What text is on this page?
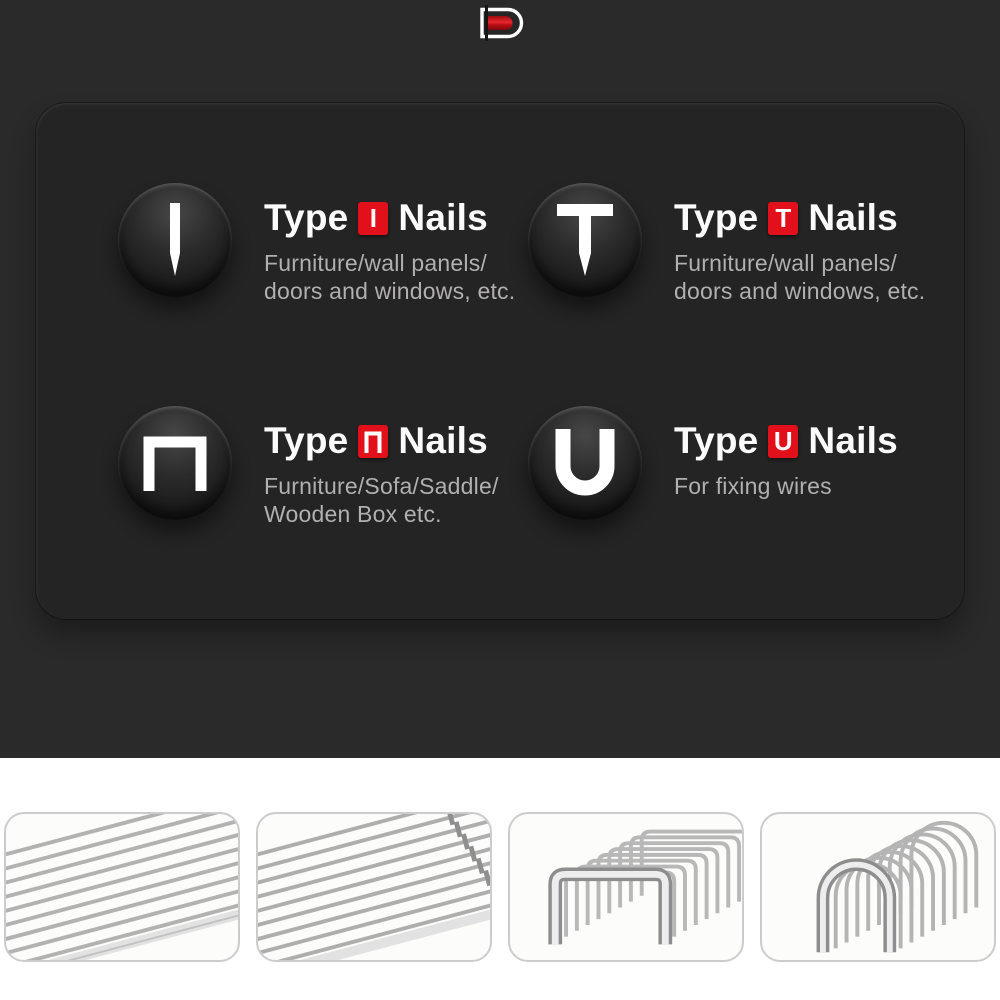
Type I Nails
Furniture/wall panels/
doors and windows, etc.
Type T Nails
Furniture/wall panels/
doors and windows, etc.
Type Nails
Furniture/Sofa/Saddle/
Wooden Box etc.
Type U Nails
For fixing wires
